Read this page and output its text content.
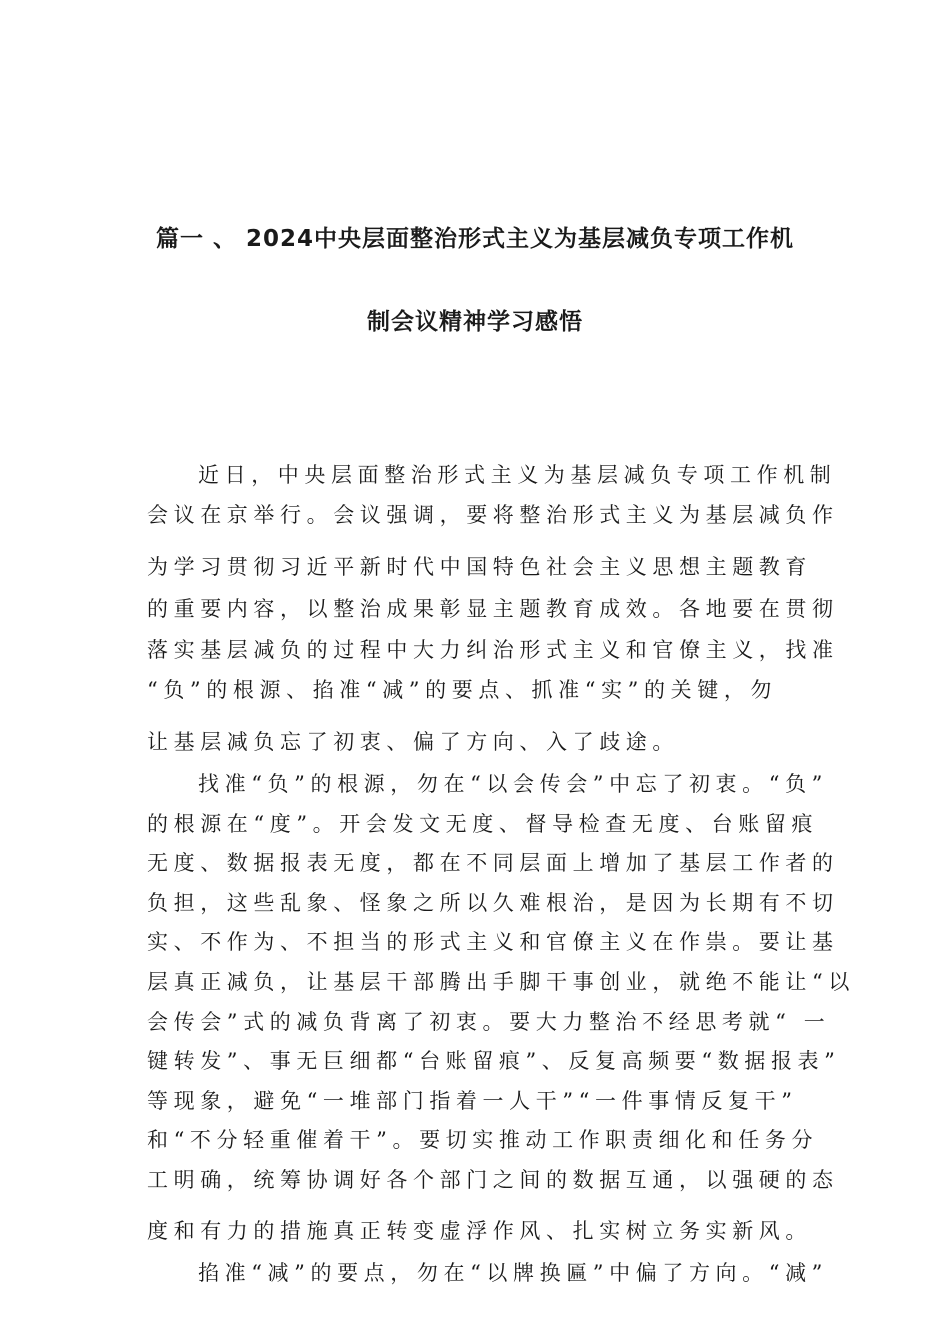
篇一 、 2024中央层面整治形式主义为基层减负专项工作机
制会议精神学习感悟
近日，中央层面整治形式主义为基层减负专项工作机制
会议在京举行。会议强调，要将整治形式主义为基层减负作
为学习贯彻习近平新时代中国特色社会主义思想主题教育
的重要内容，以整治成果彰显主题教育成效。各地要在贯彻
落实基层减负的过程中大力纠治形式主义和官僚主义，找准
“负”的根源、掐准“减”的要点、抓准“实”的关键，勿
让基层减负忘了初衷、偏了方向、入了歧途。
找准“负”的根源，勿在“以会传会”中忘了初衷。“负”
的根源在“度”。开会发文无度、督导检查无度、台账留痕
无度、数据报表无度，都在不同层面上增加了基层工作者的
负担，这些乱象、怪象之所以久难根治，是因为长期有不切
实、不作为、不担当的形式主义和官僚主义在作祟。要让基
层真正减负，让基层干部腾出手脚干事创业，就绝不能让“以
会传会”式的减负背离了初衷。要大力整治不经思考就“ 一
键转发”、事无巨细都“台账留痕”、反复高频要“数据报表”
等现象，避免“一堆部门指着一人干”“一件事情反复干”
和“不分轻重催着干”。要切实推动工作职责细化和任务分
工明确，统筹协调好各个部门之间的数据互通，以强硬的态
度和有力的措施真正转变虚浮作风、扎实树立务实新风。
掐准“减”的要点，勿在“以牌换匾”中偏了方向。“减”
